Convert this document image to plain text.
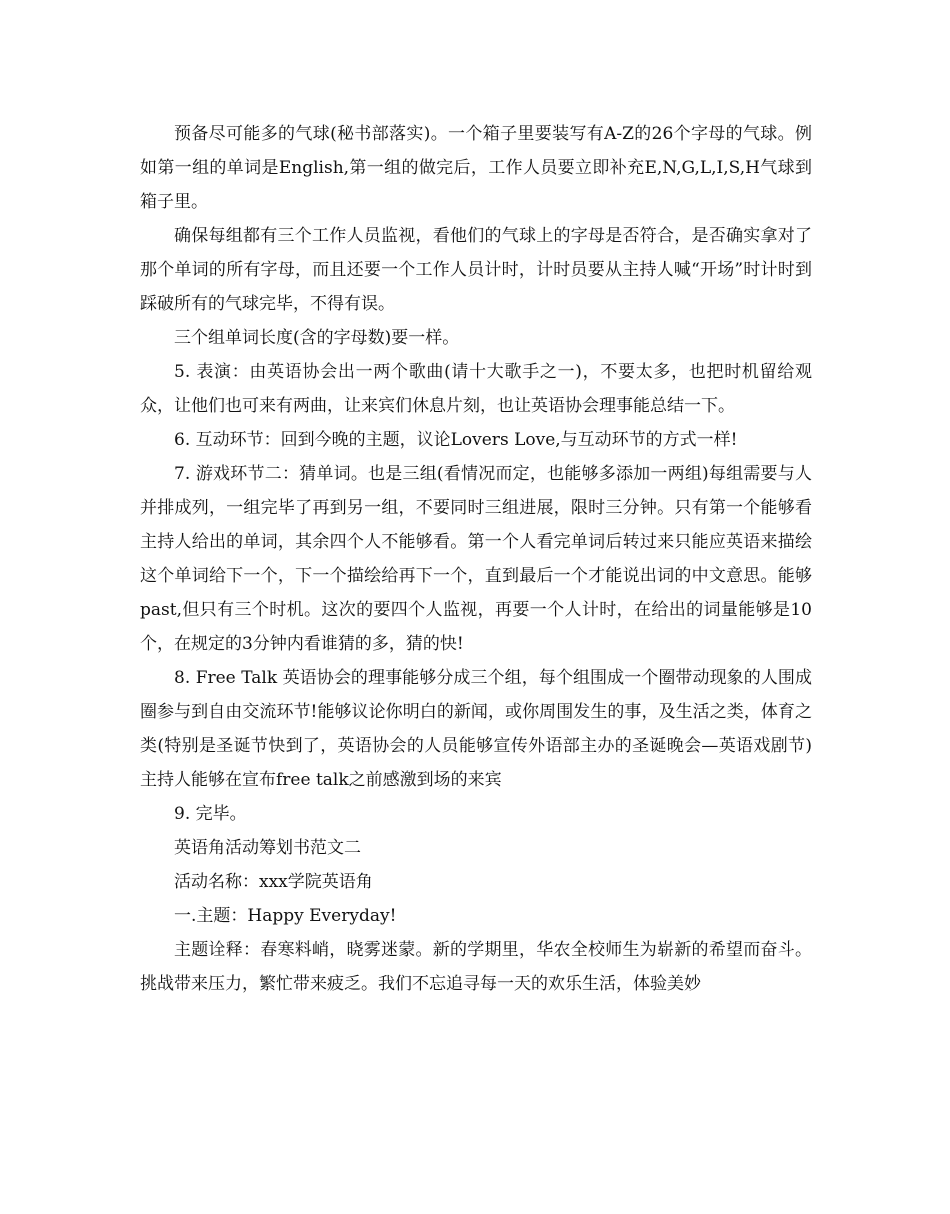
预备尽可能多的气球(秘书部落实)。一个箱子里要装写有A-Z的26个字母的气球。例如第一组的单词是English,第一组的做完后，工作人员要立即补充E,N,G,L,I,S,H气球到箱子里。

确保每组都有三个工作人员监视，看他们的气球上的字母是否符合，是否确实拿对了那个单词的所有字母，而且还要一个工作人员计时，计时员要从主持人喊“开场”时计时到踩破所有的气球完毕，不得有误。

三个组单词长度(含的字母数)要一样。

5. 表演：由英语协会出一两个歌曲(请十大歌手之一)，不要太多，也把时机留给观众，让他们也可来有两曲，让来宾们休息片刻，也让英语协会理事能总结一下。

6. 互动环节：回到今晚的主题，议论Lovers Love,与互动环节的方式一样!

7. 游戏环节二：猜单词。也是三组(看情况而定，也能够多添加一两组)每组需要与人并排成列，一组完毕了再到另一组，不要同时三组进展，限时三分钟。只有第一个能够看主持人给出的单词，其余四个人不能够看。第一个人看完单词后转过来只能应英语来描绘这个单词给下一个，下一个描绘给再下一个，直到最后一个才能说出词的中文意思。能够past,但只有三个时机。这次的要四个人监视，再要一个人计时，在给出的词量能够是10个，在规定的3分钟内看谁猜的多，猜的快!

8. Free Talk 英语协会的理事能够分成三个组，每个组围成一个圈带动现象的人围成圈参与到自由交流环节!能够议论你明白的新闻，或你周围发生的事，及生活之类，体育之类(特别是圣诞节快到了，英语协会的人员能够宣传外语部主办的圣诞晚会—英语戏剧节)主持人能够在宣布free talk之前感激到场的来宾

9. 完毕。

英语角活动筹划书范文二

活动名称：xxx学院英语角

一.主题：Happy Everyday!

主题诠释：春寒料峭，晓雾迷蒙。新的学期里，华农全校师生为崭新的希望而奋斗。挑战带来压力，繁忙带来疲乏。我们不忘追寻每一天的欢乐生活，体验美妙
